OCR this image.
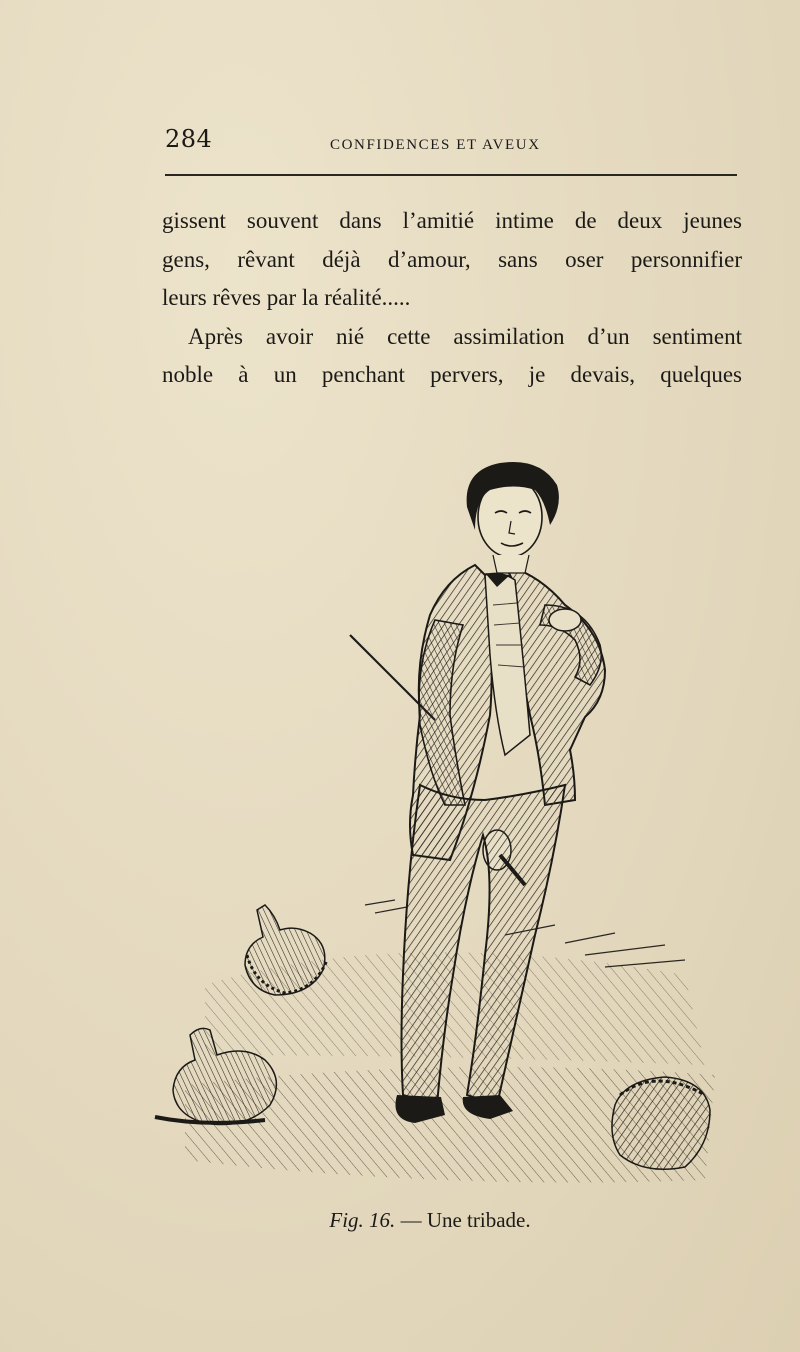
284	CONFIDENCES ET AVEUX
gissent souvent dans l’amitié intime de deux jeunes
gens, rêvant déjà d’amour, sans oser personnifier
leurs rêves par la réalité.....
Après avoir nié cette assimilation d’un sentiment
noble à un penchant pervers, je devais, quelques
Fig. 16. — Une tribade.
